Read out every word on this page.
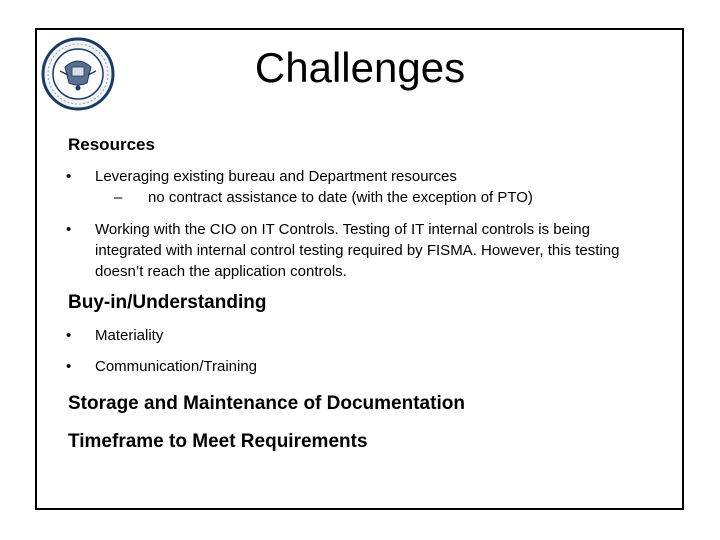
Challenges
Resources
• Leveraging existing bureau and Department resources
– no contract assistance to date (with the exception of PTO)
• Working with the CIO on IT Controls. Testing of IT internal controls is being integrated with internal control testing required by FISMA. However, this testing doesn’t reach the application controls.
Buy-in/Understanding
• Materiality
• Communication/Training
Storage and Maintenance of Documentation
Timeframe to Meet Requirements
